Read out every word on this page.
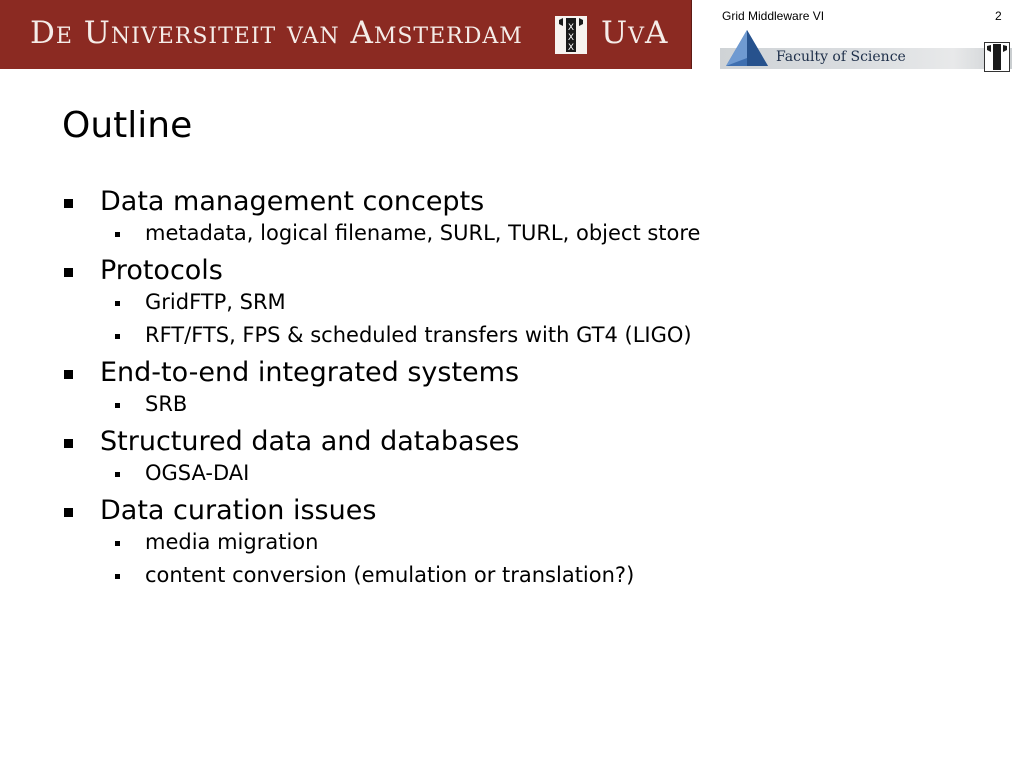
De Universiteit van Amsterdam	X
X
X UvA	Grid Middleware VI	2
Faculty of Science
Outline
Data management concepts
metadata, logical filename, SURL, TURL, object store
Protocols
GridFTP, SRM
RFT/FTS, FPS & scheduled transfers with GT4 (LIGO)
End-to-end integrated systems
SRB
Structured data and databases
OGSA-DAI
Data curation issues
media migration
content conversion (emulation or translation?)
